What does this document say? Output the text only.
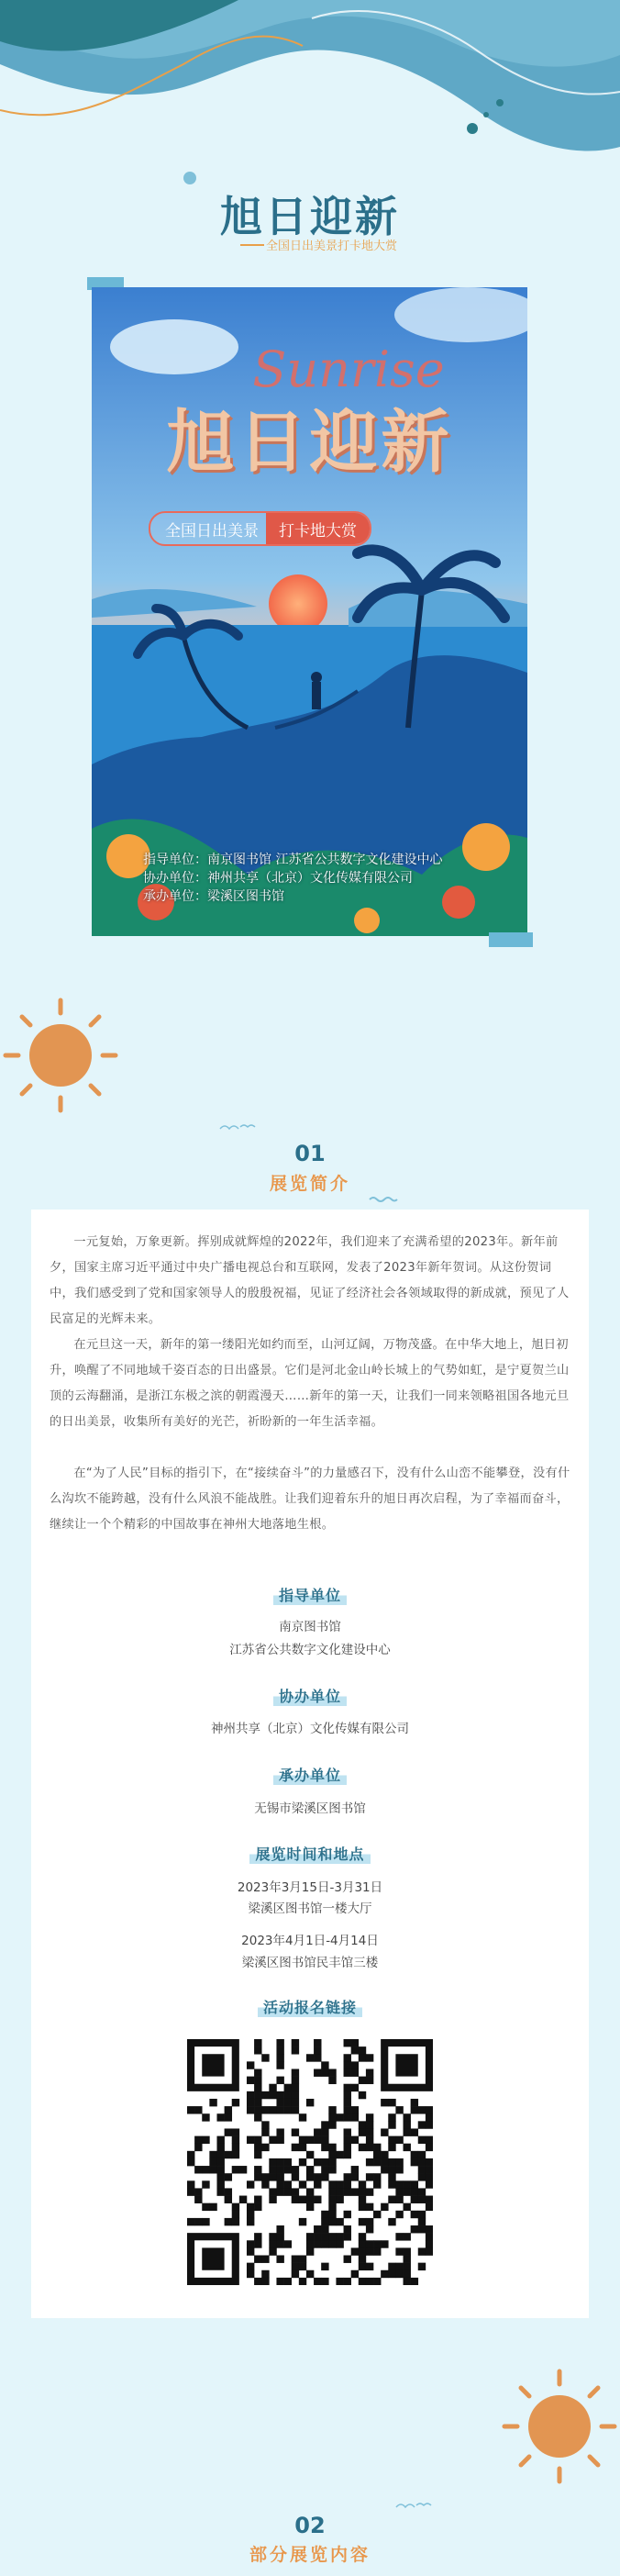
旭日迎新
全国日出美景打卡地大赏
Sunrise
旭日迎新
全国日出美景	打卡地大赏
指导单位：南京图书馆 江苏省公共数字文化建设中心
协办单位：神州共享（北京）文化传媒有限公司
承办单位：梁溪区图书馆
01
展览简介

一元复始，万象更新。挥别成就辉煌的2022年，我们迎来了充满希望的2023年。新年前夕，国家主席习近平通过中央广播电视总台和互联网，发表了2023年新年贺词。从这份贺词中，我们感受到了党和国家领导人的殷殷祝福，见证了经济社会各领域取得的新成就，预见了人民富足的光辉未来。

在元旦这一天，新年的第一缕阳光如约而至，山河辽阔，万物茂盛。在中华大地上，旭日初升，唤醒了不同地域千姿百态的日出盛景。它们是河北金山岭长城上的气势如虹，是宁夏贺兰山顶的云海翻涌，是浙江东极之滨的朝霞漫天……新年的第一天，让我们一同来领略祖国各地元旦的日出美景，收集所有美好的光芒，祈盼新的一年生活幸福。

在“为了人民”目标的指引下，在“接续奋斗”的力量感召下，没有什么山峦不能攀登，没有什么沟坎不能跨越，没有什么风浪不能战胜。让我们迎着东升的旭日再次启程，为了幸福而奋斗，继续让一个个精彩的中国故事在神州大地落地生根。

指导单位
南京图书馆
江苏省公共数字文化建设中心
协办单位
神州共享（北京）文化传媒有限公司
承办单位
无锡市梁溪区图书馆
展览时间和地点
2023年3月15日-3月31日
梁溪区图书馆一楼大厅
2023年4月1日-4月14日
梁溪区图书馆民丰馆三楼
活动报名链接
02
部分展览内容
